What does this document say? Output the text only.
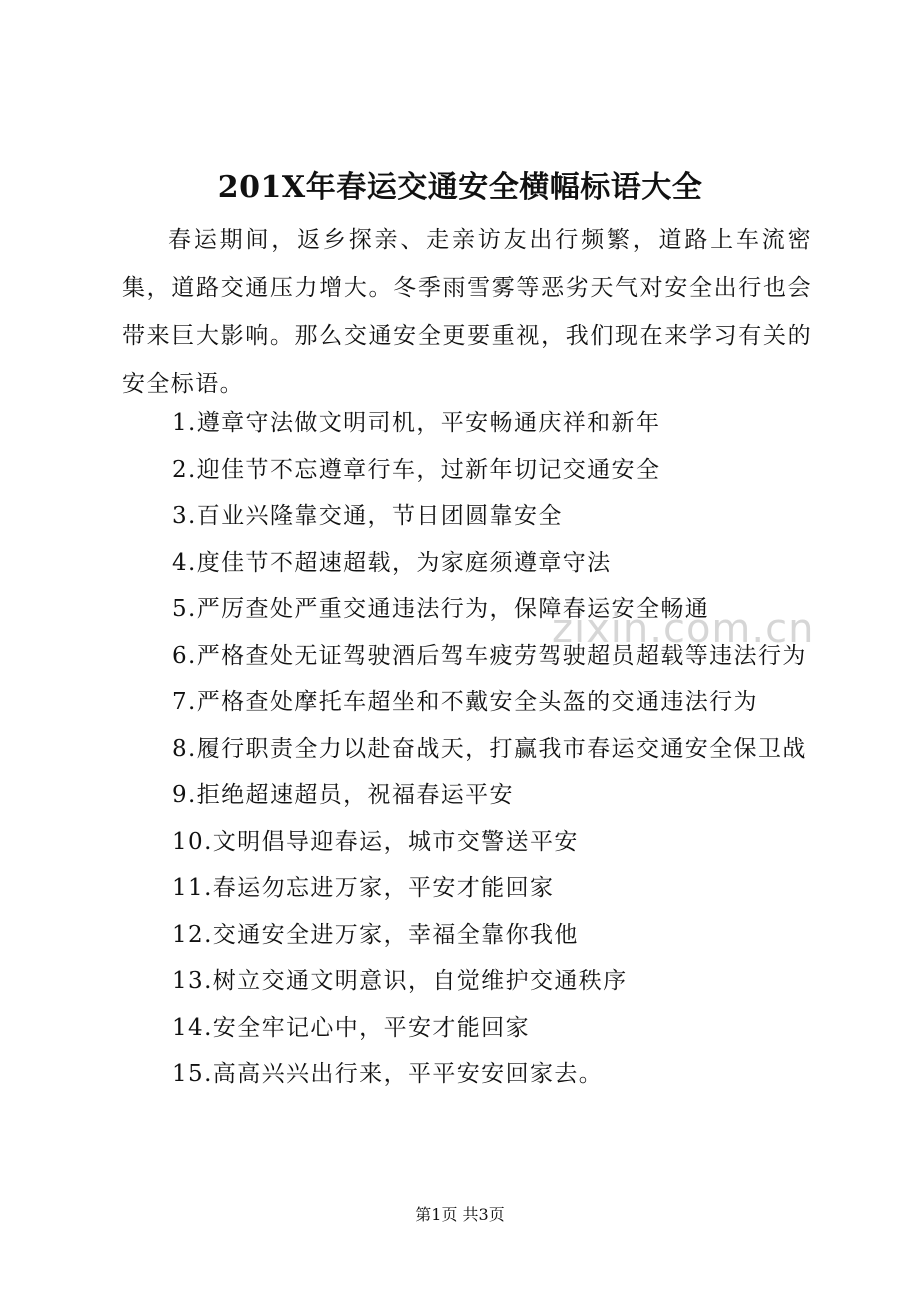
zixin.com.cn
201X年春运交通安全横幅标语大全

春运期间，返乡探亲、走亲访友出行频繁，道路上车流密集，道路交通压力增大。冬季雨雪雾等恶劣天气对安全出行也会带来巨大影响。那么交通安全更要重视，我们现在来学习有关的安全标语。

1.遵章守法做文明司机，平安畅通庆祥和新年
2.迎佳节不忘遵章行车，过新年切记交通安全
3.百业兴隆靠交通，节日团圆靠安全
4.度佳节不超速超载，为家庭须遵章守法
5.严厉查处严重交通违法行为，保障春运安全畅通
6.严格查处无证驾驶酒后驾车疲劳驾驶超员超载等违法行为
7.严格查处摩托车超坐和不戴安全头盔的交通违法行为
8.履行职责全力以赴奋战天，打赢我市春运交通安全保卫战
9.拒绝超速超员，祝福春运平安
10.文明倡导迎春运，城市交警送平安
11.春运勿忘进万家，平安才能回家
12.交通安全进万家，幸福全靠你我他
13.树立交通文明意识，自觉维护交通秩序
14.安全牢记心中，平安才能回家
15.高高兴兴出行来，平平安安回家去。
第1页 共3页
